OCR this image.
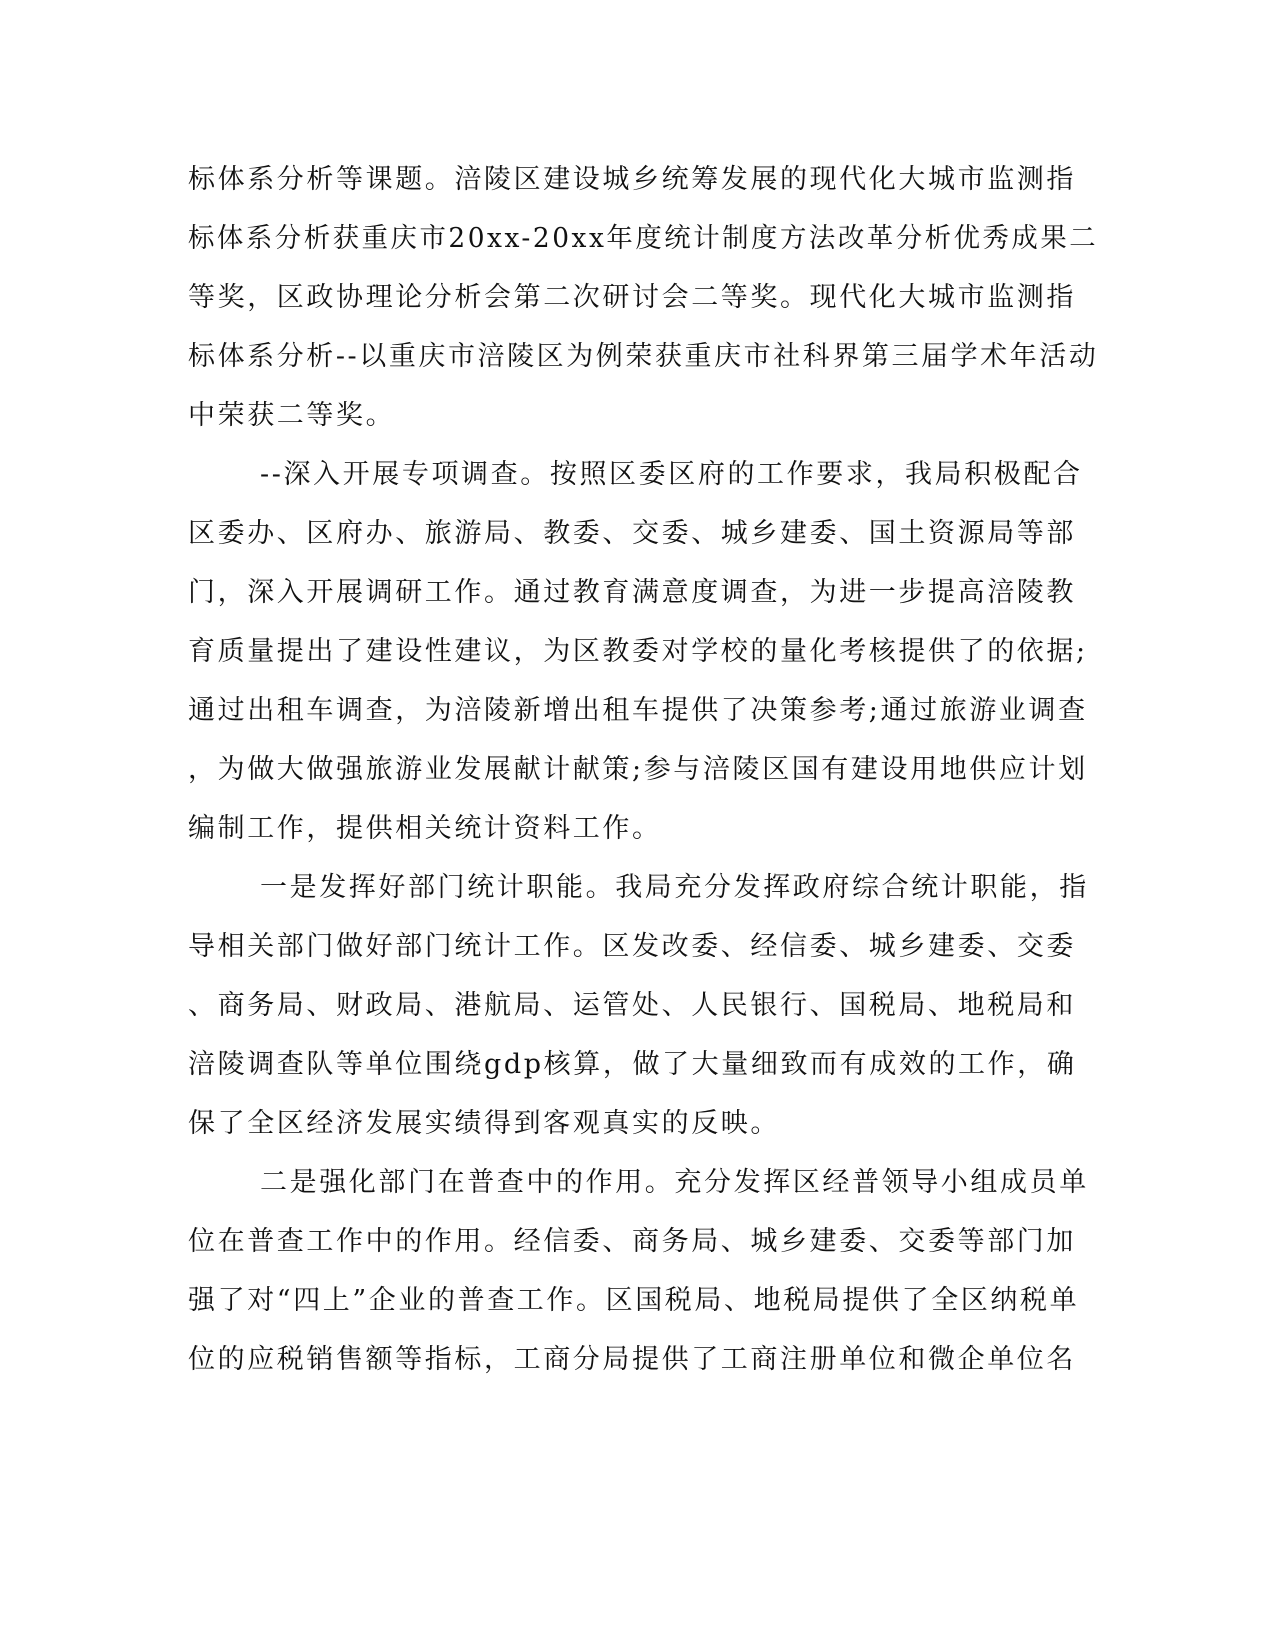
标体系分析等课题。涪陵区建设城乡统筹发展的现代化大城市监测指
标体系分析获重庆市20xx-20xx年度统计制度方法改革分析优秀成果二
等奖，区政协理论分析会第二次研讨会二等奖。现代化大城市监测指
标体系分析--以重庆市涪陵区为例荣获重庆市社科界第三届学术年活动
中荣获二等奖。
--深入开展专项调查。按照区委区府的工作要求，我局积极配合
区委办、区府办、旅游局、教委、交委、城乡建委、国土资源局等部
门，深入开展调研工作。通过教育满意度调查，为进一步提高涪陵教
育质量提出了建设性建议，为区教委对学校的量化考核提供了的依据;
通过出租车调查，为涪陵新增出租车提供了决策参考;通过旅游业调查
，为做大做强旅游业发展献计献策;参与涪陵区国有建设用地供应计划
编制工作，提供相关统计资料工作。
一是发挥好部门统计职能。我局充分发挥政府综合统计职能，指
导相关部门做好部门统计工作。区发改委、经信委、城乡建委、交委
、商务局、财政局、港航局、运管处、人民银行、国税局、地税局和
涪陵调查队等单位围绕gdp核算，做了大量细致而有成效的工作，确
保了全区经济发展实绩得到客观真实的反映。
二是强化部门在普查中的作用。充分发挥区经普领导小组成员单
位在普查工作中的作用。经信委、商务局、城乡建委、交委等部门加
强了对“四上”企业的普查工作。区国税局、地税局提供了全区纳税单
位的应税销售额等指标，工商分局提供了工商注册单位和微企单位名
